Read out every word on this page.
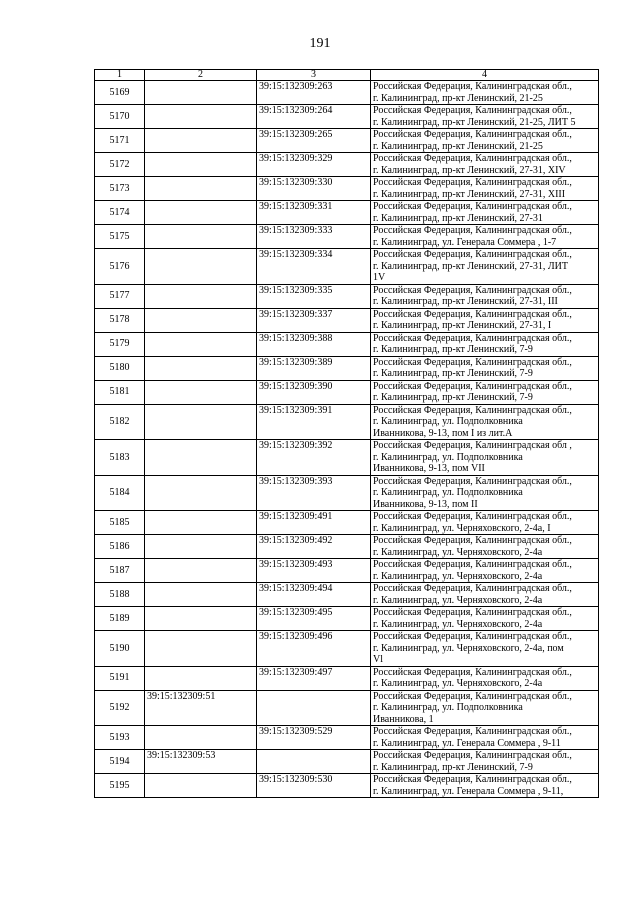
191
1	2	3	4
5169		39:15:132309:263	Российская Федерация, Калининградская обл.,
г. Калининград, пр-кт Ленинский, 21-25
5170		39:15:132309:264	Российская Федерация, Калининградская обл.,
г. Калининград, пр-кт Ленинский, 21-25, ЛИТ 5
5171		39:15:132309:265	Российская Федерация, Калининградская обл.,
г. Калининград, пр-кт Ленинский, 21-25
5172		39:15:132309:329	Российская Федерация, Калининградская обл.,
г. Калининград, пр-кт Ленинский, 27-31, XIV
5173		39:15:132309:330	Российская Федерация, Калининградская обл.,
г. Калининград, пр-кт Ленинский, 27-31, XIII
5174		39:15:132309:331	Российская Федерация, Калининградская обл.,
г. Калининград, пр-кт Ленинский, 27-31
5175		39:15:132309:333	Российская Федерация, Калининградская обл.,
г. Калининград, ул. Генерала Соммера , 1-7
5176		39:15:132309:334	Российская Федерация, Калининградская обл.,
г. Калининград, пр-кт Ленинский, 27-31, ЛИТ
1V
5177		39:15:132309:335	Российская Федерация, Калининградская обл.,
г. Калининград, пр-кт Ленинский, 27-31, III
5178		39:15:132309:337	Российская Федерация, Калининградская обл.,
г. Калининград, пр-кт Ленинский, 27-31, I
5179		39:15:132309:388	Российская Федерация, Калининградская обл.,
г. Калининград, пр-кт Ленинский, 7-9
5180		39:15:132309:389	Российская Федерация, Калининградская обл.,
г. Калининград, пр-кт Ленинский, 7-9
5181		39:15:132309:390	Российская Федерация, Калининградская обл.,
г. Калининград, пр-кт Ленинский, 7-9
5182		39:15:132309:391	Российская Федерация, Калининградская обл.,
г. Калининград, ул. Подполковника
Иванникова, 9-13, пом I из лит.А
5183		39:15:132309:392	Российская Федерация, Калининградская обл ,
г. Калининград, ул. Подполковника
Иванникова, 9-13, пом VII
5184		39:15:132309:393	Российская Федерация, Калининградская обл.,
г. Калининград, ул. Подполковника
Иванникова, 9-13, пом II
5185		39:15:132309:491	Российская Федерация, Калининградская обл.,
г. Калининград, ул. Черняховского, 2-4а, I
5186		39:15:132309:492	Российская Федерация, Калининградская обл.,
г. Калининград, ул. Черняховского, 2-4а
5187		39:15:132309:493	Российская Федерация, Калининградская обл.,
г. Калининград, ул. Черняховского, 2-4а
5188		39:15:132309:494	Российская Федерация, Калининградская обл.,
г. Калининград, ул. Черняховского, 2-4а
5189		39:15:132309:495	Российская Федерация, Калининградская обл.,
г. Калининград, ул. Черняховского, 2-4а
5190		39:15:132309:496	Российская Федерация, Калининградская обл.,
г. Калининград, ул. Черняховского, 2-4а, пом
Vl
5191		39:15:132309:497	Российская Федерация, Калининградская обл.,
г. Калининград, ул. Черняховского, 2-4а
5192	39:15:132309:51		Российская Федерация, Калининградская обл.,
г. Калининград, ул. Подполковника
Иванникова, 1
5193		39:15:132309:529	Российская Федерация, Калининградская обл.,
г. Калининград, ул. Генерала Соммера , 9-11
5194	39:15:132309:53		Российская Федерация, Калининградская обл.,
г. Калининград, пр-кт Ленинский, 7-9
5195		39:15:132309:530	Российская Федерация, Калининградская обл.,
г. Калининград, ул. Генерала Соммера , 9-11,
